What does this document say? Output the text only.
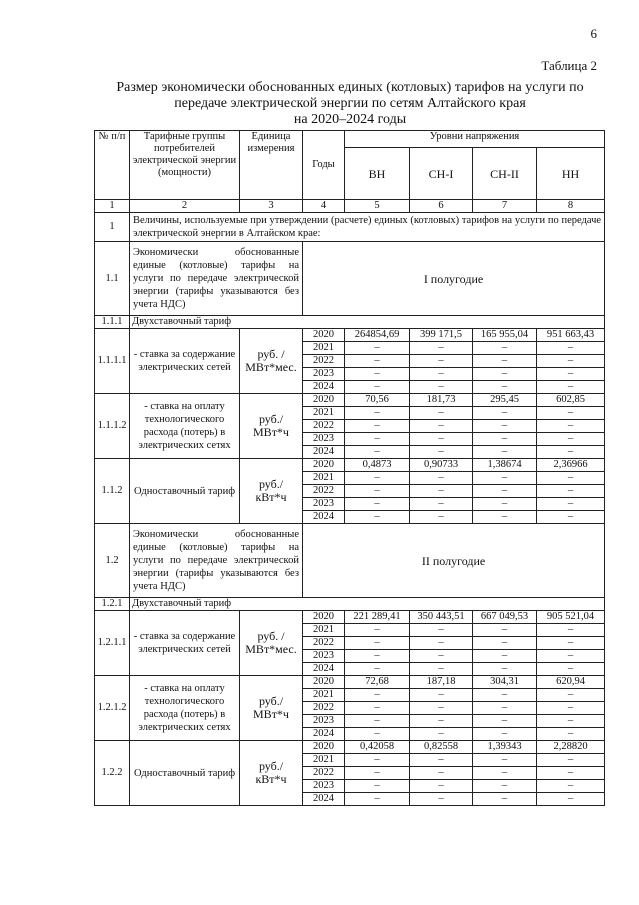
6
Таблица 2
Размер экономически обоснованных единых (котловых) тарифов на услуги по
передаче электрической энергии по сетям Алтайского края
на 2020–2024 годы
№ п/п	Тарифные группы потребителей электрической энергии (мощности)	Единица измерения	Годы	Уровни напряжения			
				ВН	СН-I	СН-II	НН
1	2	3	4	5	6	7	8
1	Величины, используемые при утверждении (расчете) единых (котловых) тарифов на услуги по передаче электрической энергии в Алтайском крае:						
1.1	Экономически обоснованные единые (котловые) тарифы на услуги по передаче электрической энергии (тарифы указываются без учета НДС)		I полугодие				
1.1.1	Двухставочный тариф						
1.1.1.1	- ставка за содержание электрических сетей	руб. /МВт*мес.	2020	264854,69	399 171,5	165 955,04	951 663,43
			2021	–	–	–	–
			2022	–	–	–	–
			2023	–	–	–	–
			2024	–	–	–	–
1.1.1.2	- ставка на оплату технологического расхода (потерь) в электрических сетях	руб./ МВт*ч	2020	70,56	181,73	295,45	602,85
			2021	–	–	–	–
			2022	–	–	–	–
			2023	–	–	–	–
			2024	–	–	–	–
1.1.2	Одноставочный тариф	руб./ кВт*ч	2020	0,4873	0,90733	1,38674	2,36966
			2021	–	–	–	–
			2022	–	–	–	–
			2023	–	–	–	–
			2024	–	–	–	–
1.2	Экономически обоснованные единые (котловые) тарифы на услуги по передаче электрической энергии (тарифы указываются без учета НДС)		II полугодие				
1.2.1	Двухставочный тариф						
1.2.1.1	- ставка за содержание электрических сетей	руб. /МВт*мес.	2020	221 289,41	350 443,51	667 049,53	905 521,04
			2021	–	–	–	–
			2022	–	–	–	–
			2023	–	–	–	–
			2024	–	–	–	–
1.2.1.2	- ставка на оплату технологического расхода (потерь) в электрических сетях	руб./ МВт*ч	2020	72,68	187,18	304,31	620,94
			2021	–	–	–	–
			2022	–	–	–	–
			2023	–	–	–	–
			2024	–	–	–	–
1.2.2	Одноставочный тариф	руб./ кВт*ч	2020	0,42058	0,82558	1,39343	2,28820
			2021	–	–	–	–
			2022	–	–	–	–
			2023	–	–	–	–
			2024	–	–	–	–
